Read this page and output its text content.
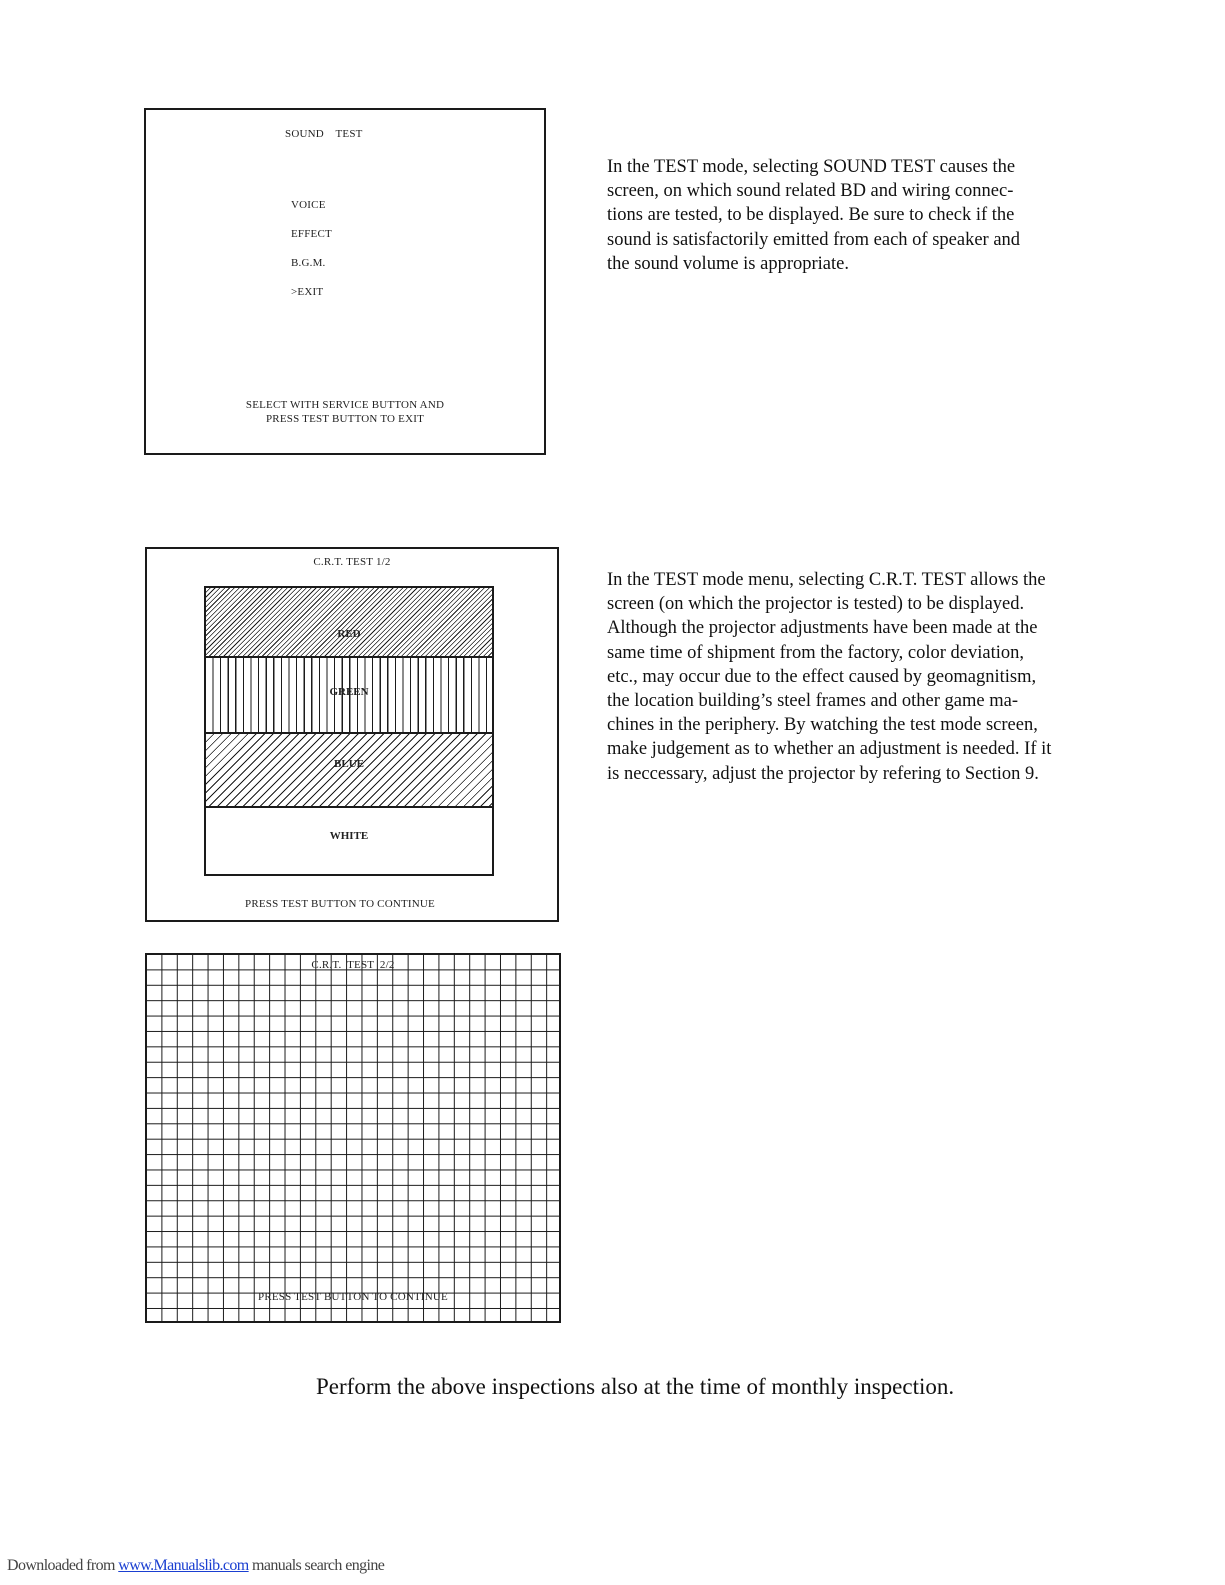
SOUND    TEST
VOICE
EFFECT
B.G.M.
>EXIT
SELECT WITH SERVICE BUTTON AND
PRESS TEST BUTTON TO EXIT
In the TEST mode, selecting SOUND TEST causes the
screen, on which sound related BD and wiring connec-
tions are tested, to be displayed. Be sure to check if the
sound is satisfactorily emitted from each of speaker and
the sound volume is appropriate.
C.R.T. TEST 1/2
RED
GREEN
BLUE
WHITE
PRESS TEST BUTTON TO CONTINUE
In the TEST mode menu, selecting C.R.T. TEST allows the
screen (on which the projector is tested) to be displayed.
Although the projector adjustments have been made at the
same time of shipment from the factory, color deviation,
etc., may occur due to the effect caused by geomagnitism,
the location building’s steel frames and other game ma-
chines in the periphery. By watching the test mode screen,
make judgement as to whether an adjustment is needed. If it
is neccessary, adjust the projector by refering to Section 9.
C.R.T.  TEST  2/2
PRESS TEST BUTTON TO CONTINUE
Perform the above inspections also at the time of monthly inspection.
Downloaded from www.Manualslib.com manuals search engine
